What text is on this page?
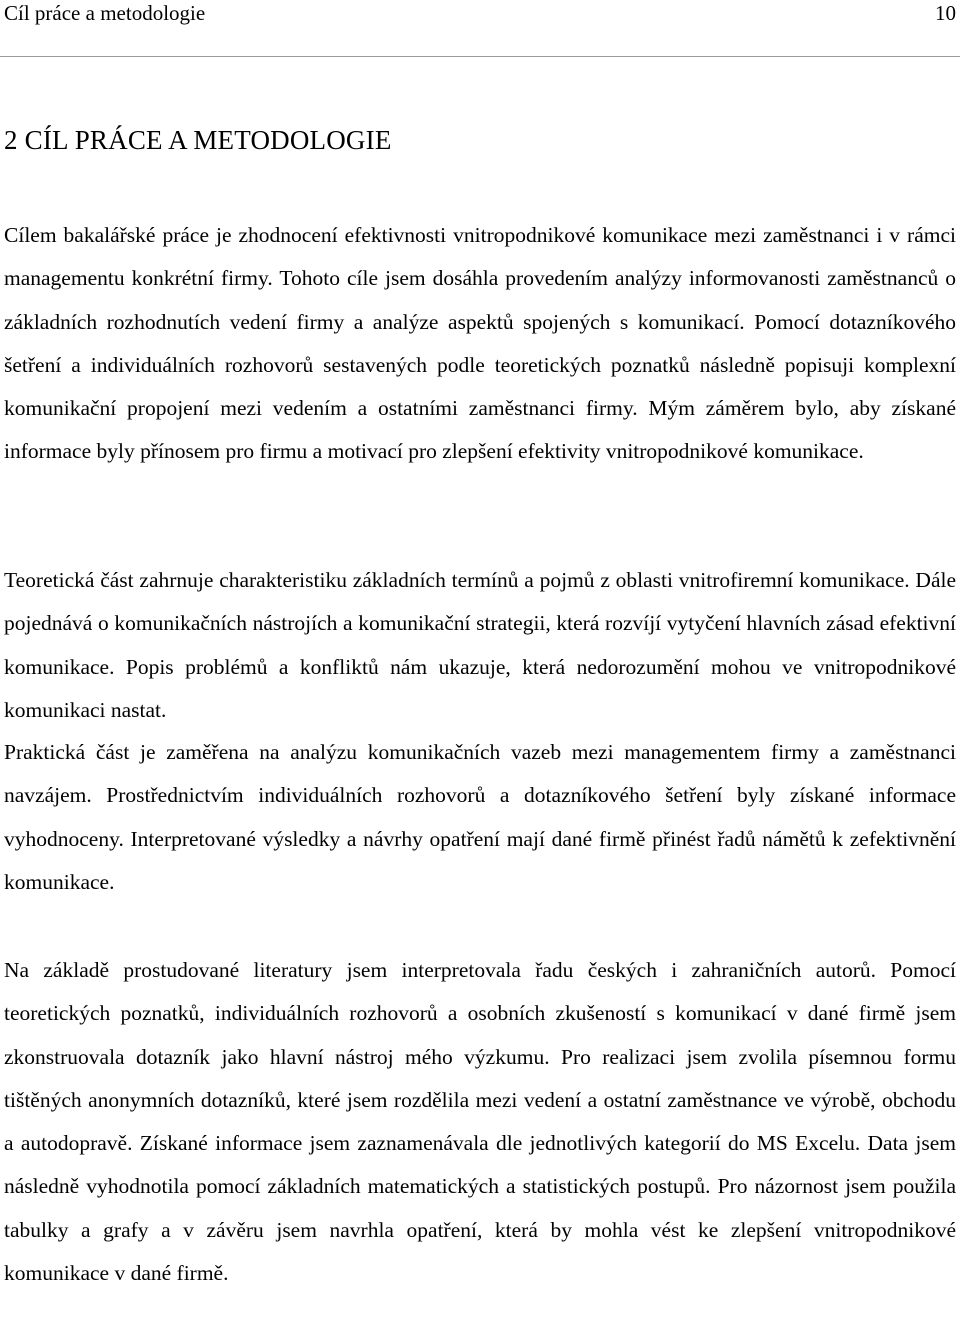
Cíl práce a metodologie	10
2 CÍL PRÁCE A METODOLOGIE

Cílem bakalářské práce je zhodnocení efektivnosti vnitropodnikové komunikace mezi zaměstnanci i v rámci managementu konkrétní firmy. Tohoto cíle jsem dosáhla provedením analýzy informovanosti zaměstnanců o základních rozhodnutích vedení firmy a analýze aspektů spojených s komunikací. Pomocí dotazníkového šetření a individuálních rozhovorů sestavených podle teoretických poznatků následně popisuji komplexní komunikační propojení mezi vedením a ostatními zaměstnanci firmy. Mým záměrem bylo, aby získané informace byly přínosem pro firmu a motivací pro zlepšení efektivity vnitropodnikové komunikace.

Teoretická část zahrnuje charakteristiku základních termínů a pojmů z oblasti vnitrofiremní komunikace. Dále pojednává o komunikačních nástrojích a komunikační strategii, která rozvíjí vytyčení hlavních zásad efektivní komunikace. Popis problémů a konfliktů nám ukazuje, která nedorozumění mohou ve vnitropodnikové komunikaci nastat.

Praktická část je zaměřena na analýzu komunikačních vazeb mezi managementem firmy a zaměstnanci navzájem. Prostřednictvím individuálních rozhovorů a dotazníkového šetření byly získané informace vyhodnoceny. Interpretované výsledky a návrhy opatření mají dané firmě přinést řadů námětů k zefektivnění komunikace.

Na základě prostudované literatury jsem interpretovala řadu českých i zahraničních autorů. Pomocí teoretických poznatků, individuálních rozhovorů a osobních zkušeností s komunikací v dané firmě jsem zkonstruovala dotazník jako hlavní nástroj mého výzkumu. Pro realizaci jsem zvolila písemnou formu tištěných anonymních dotazníků, které jsem rozdělila mezi vedení a ostatní zaměstnance ve výrobě, obchodu a autodopravě. Získané informace jsem zaznamenávala dle jednotlivých kategorií do MS Excelu. Data jsem následně vyhodnotila pomocí základních matematických a statistických postupů. Pro názornost jsem použila tabulky a grafy a v závěru jsem navrhla opatření, která by mohla vést ke zlepšení vnitropodnikové komunikace v dané firmě.
